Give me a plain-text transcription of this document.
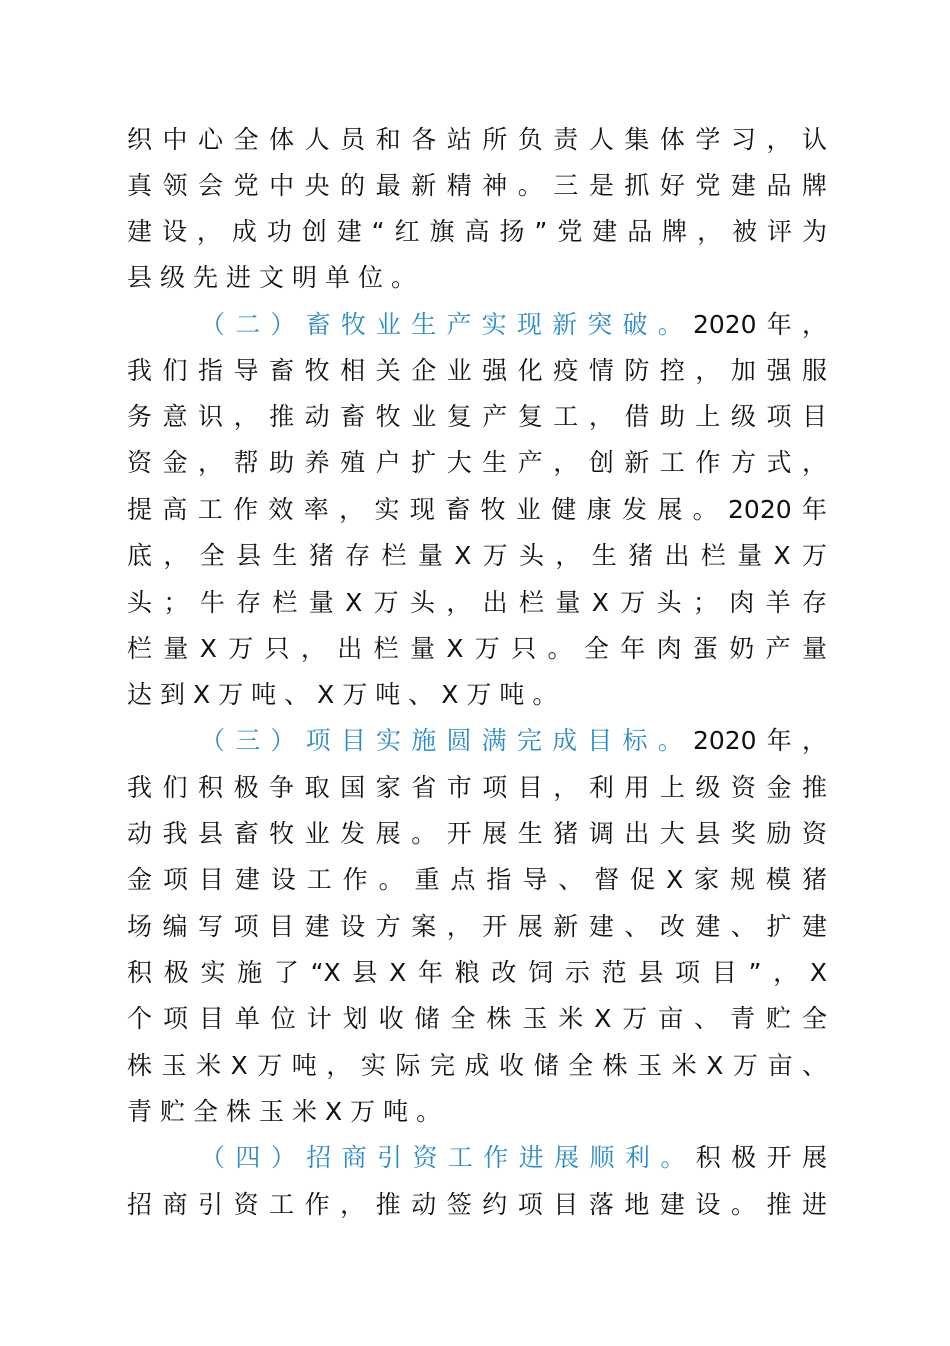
织中心全体人员和各站所负责人集体学习，认
真领会党中央的最新精神。三是抓好党建品牌
建设，成功创建“红旗高扬”党建品牌，被评为
县级先进文明单位。
（二）畜牧业生产实现新突破。2020年，
我们指导畜牧相关企业强化疫情防控，加强服
务意识，推动畜牧业复产复工，借助上级项目
资金，帮助养殖户扩大生产，创新工作方式，
提高工作效率，实现畜牧业健康发展。2020年
底，全县生猪存栏量X万头，生猪出栏量X万
头；牛存栏量X万头，出栏量X万头；肉羊存
栏量X万只，出栏量X万只。全年肉蛋奶产量
达到X万吨、X万吨、X万吨。
（三）项目实施圆满完成目标。2020年，
我们积极争取国家省市项目，利用上级资金推
动我县畜牧业发展。开展生猪调出大县奖励资
金项目建设工作。重点指导、督促X家规模猪
场编写项目建设方案，开展新建、改建、扩建
积极实施了“X县X年粮改饲示范县项目”，X
个项目单位计划收储全株玉米X万亩、青贮全
株玉米X万吨，实际完成收储全株玉米X万亩、
青贮全株玉米X万吨。
（四）招商引资工作进展顺利。积极开展
招商引资工作，推动签约项目落地建设。推进
